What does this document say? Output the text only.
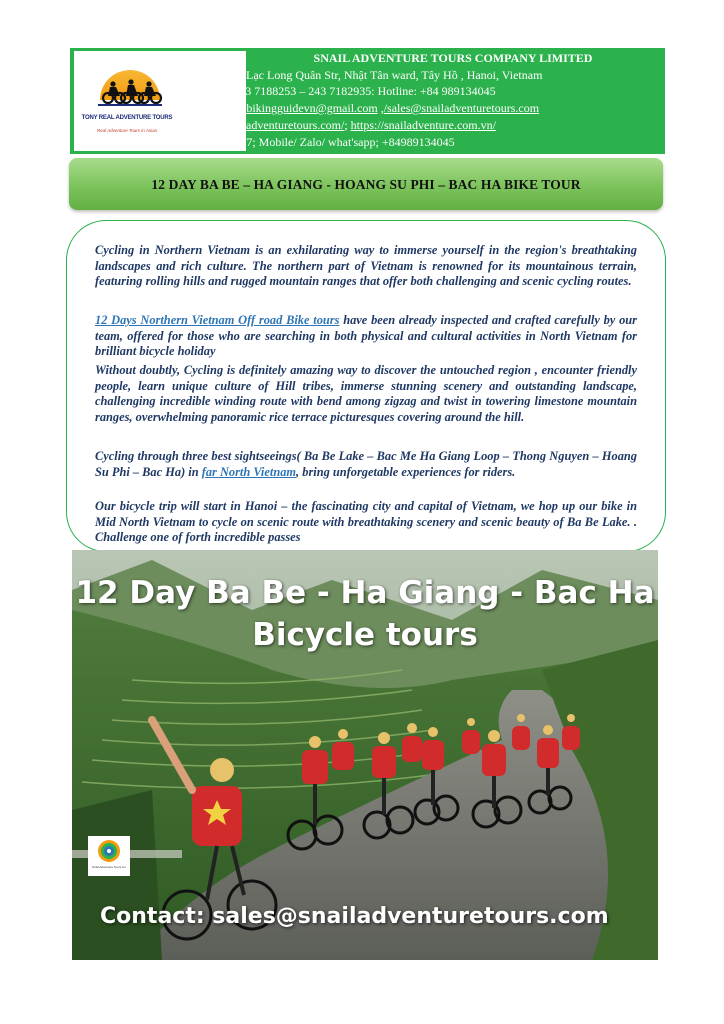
TONY REAL ADVENTURE TOURS
Real Adventure Tours in Asian
SNAIL ADVENTURE TOURS COMPANY LIMITED
Add: 696C Lạc Long Quân Str, Nhật Tân ward, Tây Hồ , Hanoi, Vietnam
Tel: +84 243 7188253 – 243 7182935: Hotline: +84 989134045
Email: tonybikingguidevn@gmail.com ,/sales@snailadventuretours.com
https://snailadventuretours.com/; https://snailadventure.com.vn/
Support 24/7; Mobile/ Zalo/ what'sapp; +84989134045
12 DAY BA BE – HA GIANG - HOANG SU PHI – BAC HA BIKE TOUR

Cycling in Northern Vietnam is an exhilarating way to immerse yourself in the region's breathtaking landscapes and rich culture. The northern part of Vietnam is renowned for its mountainous terrain, featuring rolling hills and rugged mountain ranges that offer both challenging and scenic cycling routes.

12 Days Northern Vietnam Off road Bike tours have been already inspected and crafted carefully by our team, offered for those who are searching in both physical and cultural activities in North Vietnam for brilliant bicycle holiday

Without doubtly, Cycling is definitely amazing way to discover the untouched region , encounter friendly people, learn unique culture of Hill tribes, immerse stunning scenery and outstanding landscape, challenging incredible winding route with bend among zigzag and twist in towering limestone mountain ranges, overwhelming panoramic rice terrace picturesques covering around the hill.

Cycling through three best sightseeings( Ba Be Lake – Bac Me Ha Giang Loop – Thong Nguyen – Hoang Su Phi – Bac Ha) in far North Vietnam, bring unforgetable experiences for riders.

Our bicycle trip will start in Hanoi – the fascinating city and capital of Vietnam, we hop up our bike in Mid North Vietnam to cycle on scenic route with breathtaking scenery and scenic beauty of Ba Be Lake. . Challenge one of forth incredible passes

12 Day Ba Be - Ha Giang - Bac Ha
Bicycle tours
Snail Adventure Tours Co
Contact: sales@snailadventuretours.com
